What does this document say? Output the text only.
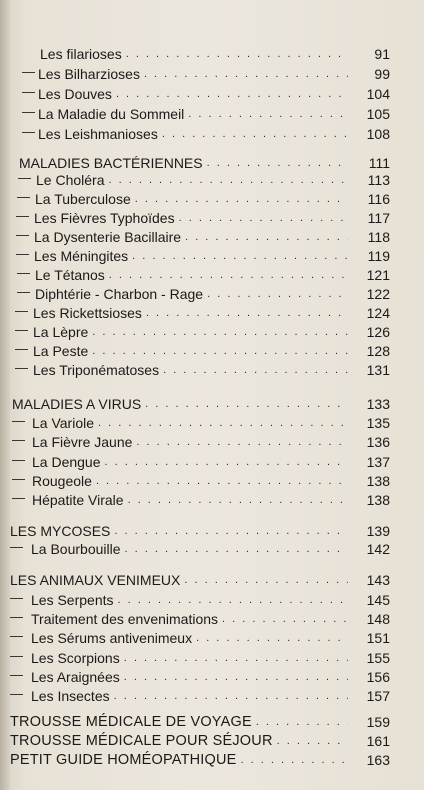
Les filarioses . . .	91
— Les Bilharzioses . . .	99
— Les Douves . . .	104
— La Maladie du Sommeil . . .	105
— Les Leishmanioses . . .	108
MALADIES BACTÉRIENNES . . .	111
— Le Choléra . . .	113
— La Tuberculose . . .	116
— Les Fièvres Typhoïdes . . .	117
— La Dysenterie Bacillaire . . .	118
— Les Méningites . . .	119
— Le Tétanos . . .	121
— Diphtérie - Charbon - Rage . . .	122
— Les Rickettsioses . . .	124
— La Lèpre . . .	126
— La Peste . . .	128
— Les Triponématoses . . .	131
MALADIES A VIRUS . . .	133
— La Variole . . .	135
— La Fièvre Jaune . . .	136
— La Dengue . . .	137
— Rougeole . . .	138
— Hépatite Virale . . .	138
LES MYCOSES . . .	139
— La Bourbouille . . .	142
LES ANIMAUX VENIMEUX . . .	143
— Les Serpents . . .	145
— Traitement des envenimations . . .	148
— Les Sérums antivenimeux . . .	151
— Les Scorpions . . .	155
— Les Araignées . . .	156
— Les Insectes . . .	157
TROUSSE MÉDICALE DE VOYAGE . . .	159
TROUSSE MÉDICALE POUR SÉJOUR . . .	161
PETIT GUIDE HOMÉOPATHIQUE . . .	163
